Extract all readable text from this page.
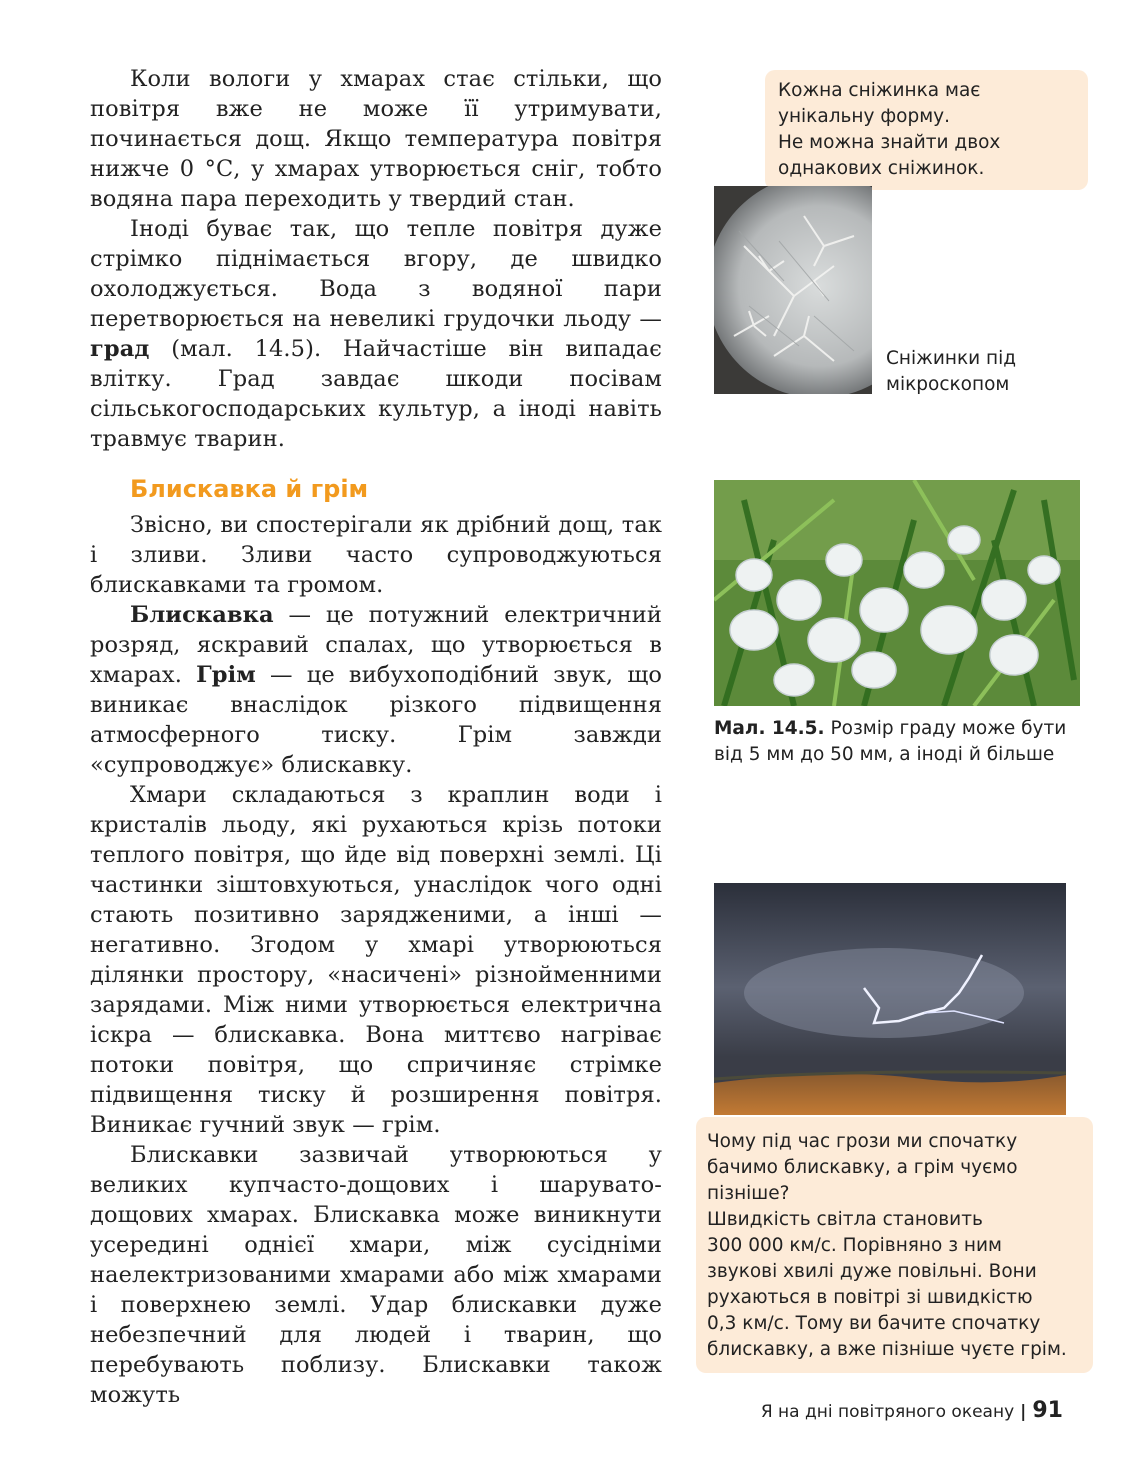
Коли вологи у хмарах стає стільки, що повітря вже не може її утримувати, починається дощ. Якщо температура повітря нижче 0 °С, у хмарах утворюється сніг, тобто водяна пара переходить у твердий стан.

Іноді буває так, що тепле повітря дуже стрімко піднімається вгору, де швидко охолоджується. Вода з водяної пари перетворюється на невеликі грудочки льоду — град (мал. 14.5). Найчастіше він випадає влітку. Град завдає шкоди посівам сільськогосподарських культур, а іноді навіть травмує тварин.

Блискавка й грім

Звісно, ви спостерігали як дрібний дощ, так і зливи. Зливи часто супроводжуються блискавками та громом.

Блискавка — це потужний електричний розряд, яскравий спалах, що утворюється в хмарах. Грім — це вибухоподібний звук, що виникає внаслідок різкого підвищення атмосферного тиску. Грім завжди «супроводжує» блискавку.

Хмари складаються з краплин води і кристалів льоду, які рухаються крізь потоки теплого повітря, що йде від поверхні землі. Ці частинки зіштовхуються, унаслідок чого одні стають позитивно зарядженими, а інші — негативно. Згодом у хмарі утворюються ділянки простору, «насичені» різнойменними зарядами. Між ними утворюється електрична іскра — блискавка. Вона миттєво нагріває потоки повітря, що спричиняє стрімке підвищення тиску й розширення повітря. Виникає гучний звук — грім.

Блискавки зазвичай утворюються у великих купчасто-дощових і шарувато-дощових хмарах. Блискавка може виникнути усередині однієї хмари, між сусідніми наелектризованими хмарами або між хмарами і поверхнею землі. Удар блискавки дуже небезпечний для людей і тварин, що перебувають поблизу. Блискавки також можуть

Кожна сніжинка має
унікальну форму.
Не можна знайти двох
однакових сніжинок.
Сніжинки під
мікроскопом
Мал. 14.5. Розмір граду може бути від 5 мм до 50 мм, а іноді й більше
Чому під час грози ми спочатку
бачимо блискавку, а грім чуємо
пізніше?
Швидкість світла становить
300 000 км/с. Порівняно з ним
звукові хвилі дуже повільні. Вони
рухаються в повітрі зі швидкістю
0,3 км/с. Тому ви бачите спочатку
блискавку, а вже пізніше чуєте грім.
Я на дні повітряного океану | 91
